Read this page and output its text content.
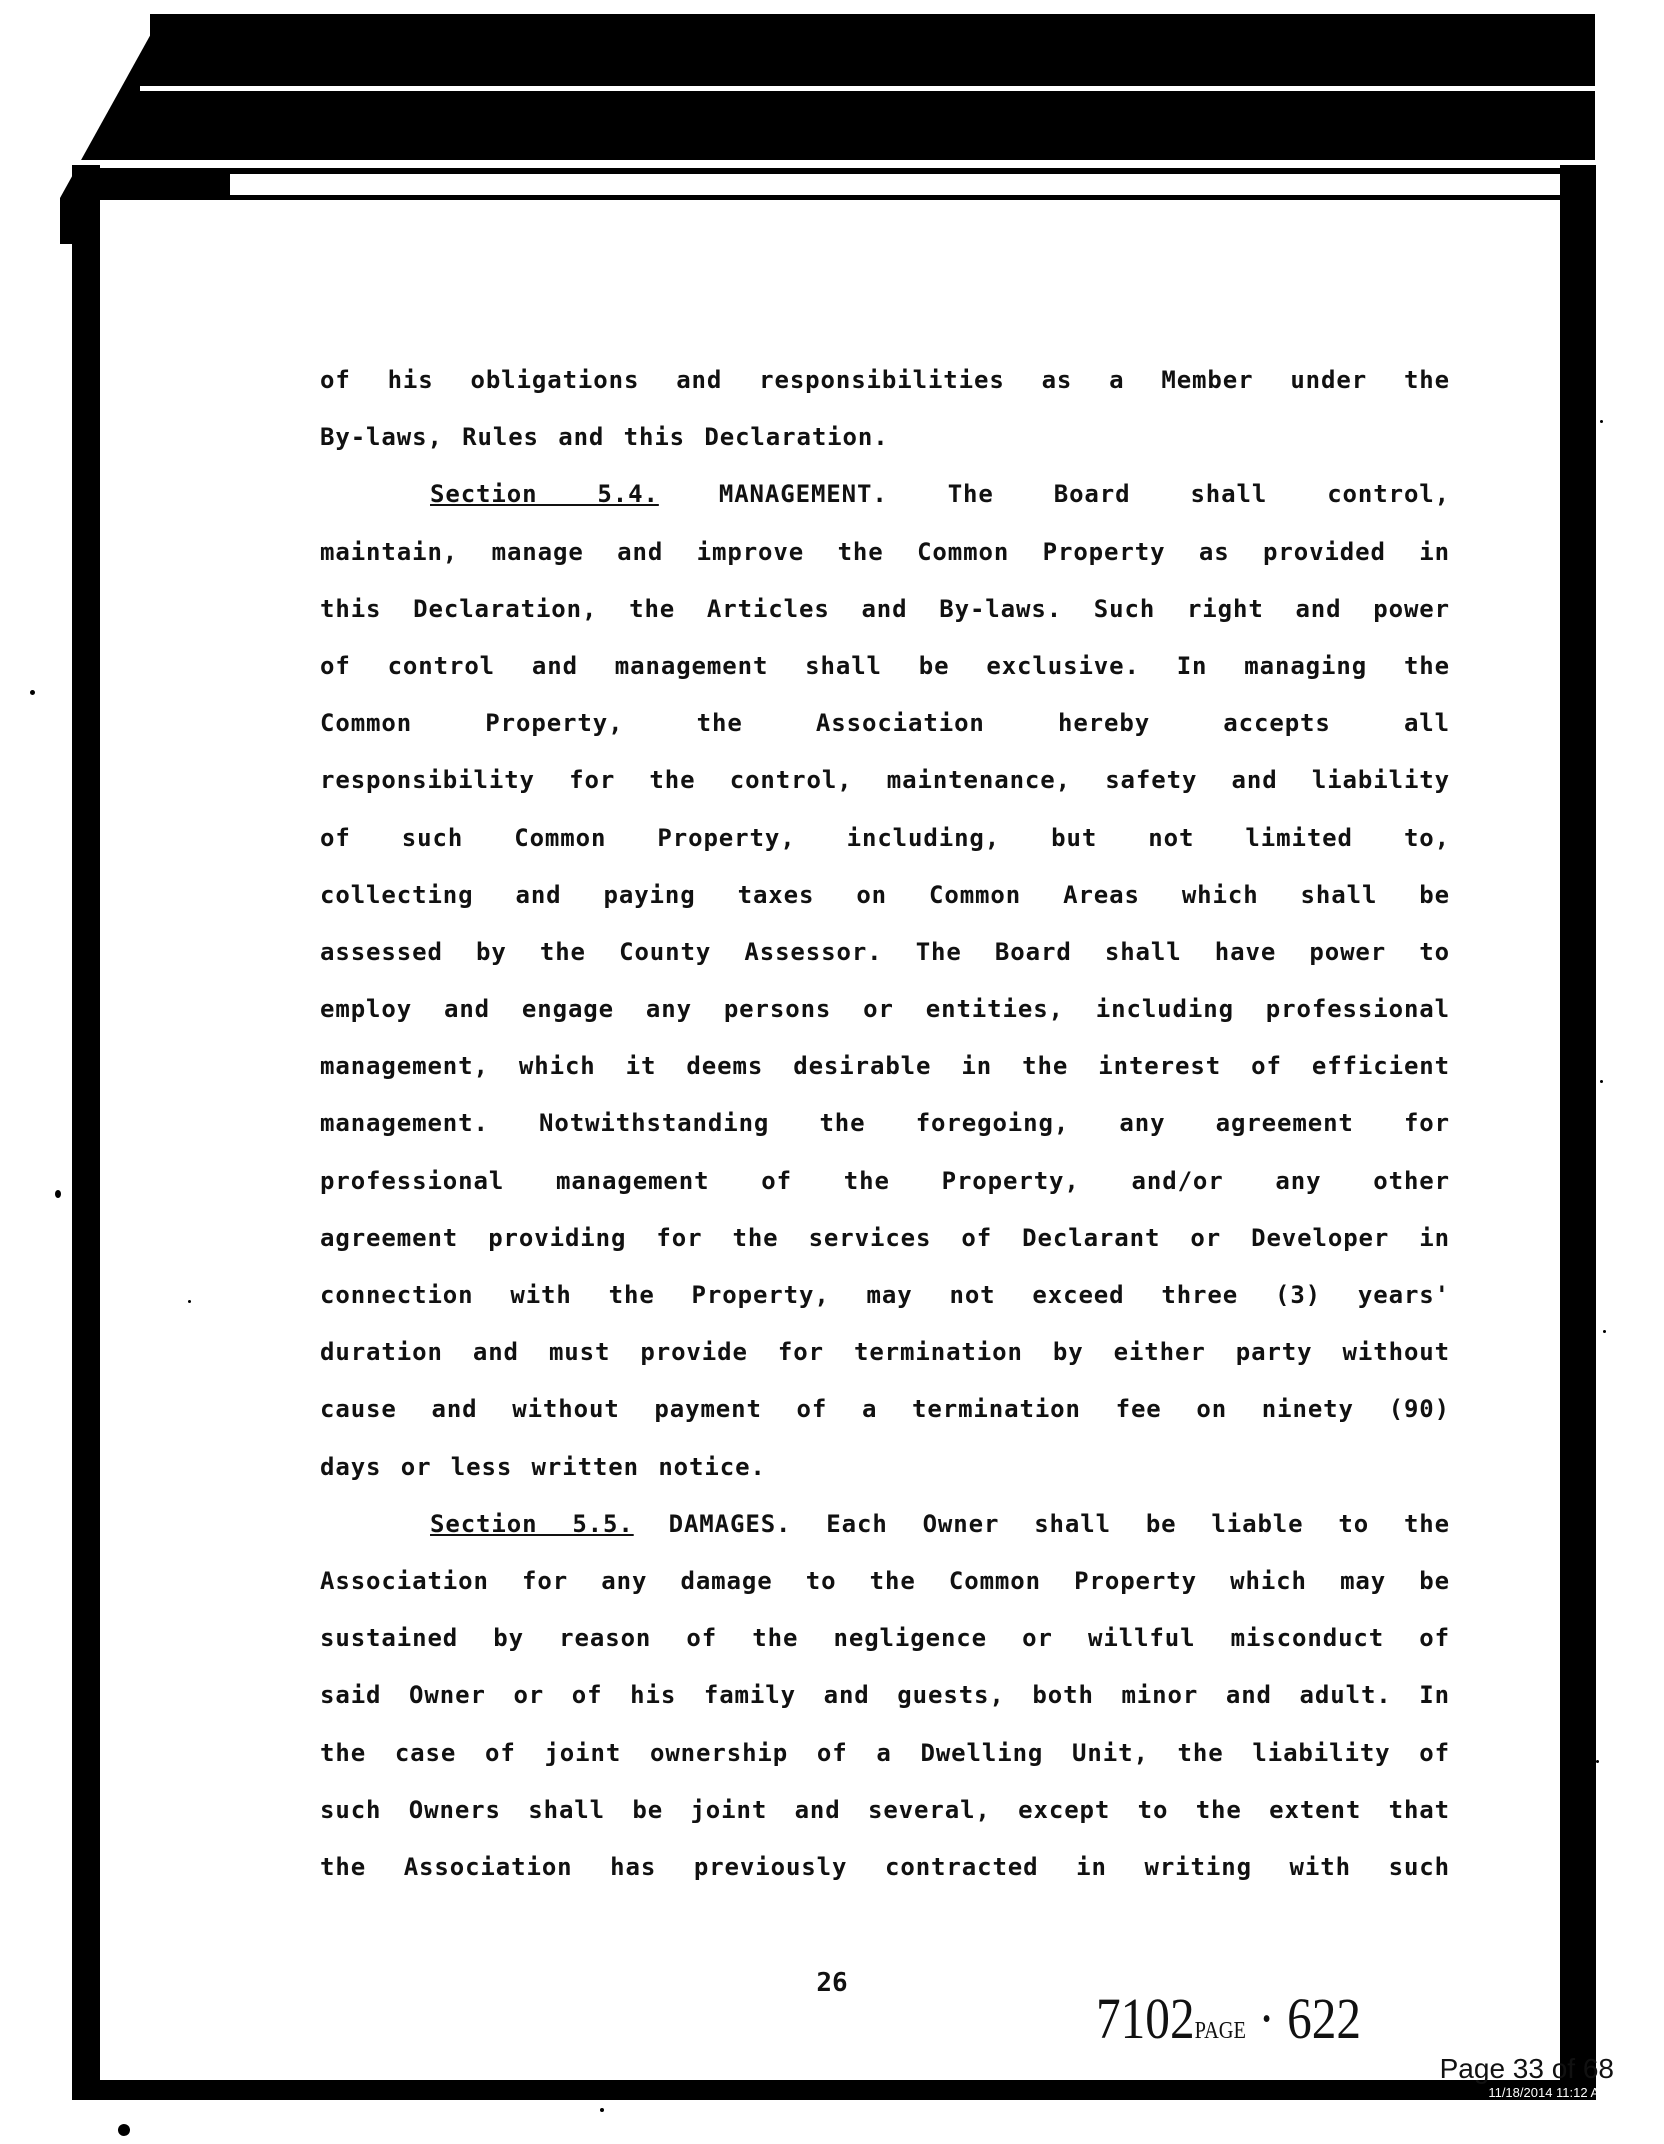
of his obligations and responsibilities as a Member under the
By-laws, Rules and this Declaration.
Section 5.4.	MANAGEMENT.	The Board shall control,
maintain, manage and improve the Common Property as provided in
this Declaration, the Articles and By-laws. Such right and power
of control and management shall be exclusive. In managing the
Common Property, the Association hereby accepts all
responsibility for the control, maintenance, safety and liability
of such Common Property, including, but not limited to,
collecting and paying taxes on Common Areas which shall be
assessed by the County Assessor. The Board shall have power to
employ and engage any persons or entities, including professional
management, which it deems desirable in the interest of efficient
management. Notwithstanding the foregoing, any agreement for
professional management of the Property, and/or any other
agreement providing for the services of Declarant or Developer in
connection with the Property, may not exceed three (3) years'
duration and must provide for termination by either party without
cause and without payment of a termination fee on ninety (90)
days or less written notice.
Section 5.5. DAMAGES. Each Owner shall be liable to the
Association for any damage to the Common Property which may be
sustained by reason of the negligence or willful misconduct of
said Owner or of his family and guests, both minor and adult. In
the case of joint ownership of a Dwelling Unit, the liability of
such Owners shall be joint and several, except to the extent that
the Association has previously contracted in writing with such
26
7102PAGE · 622
Page 33 of 68
11/18/2014 11:12 AM
